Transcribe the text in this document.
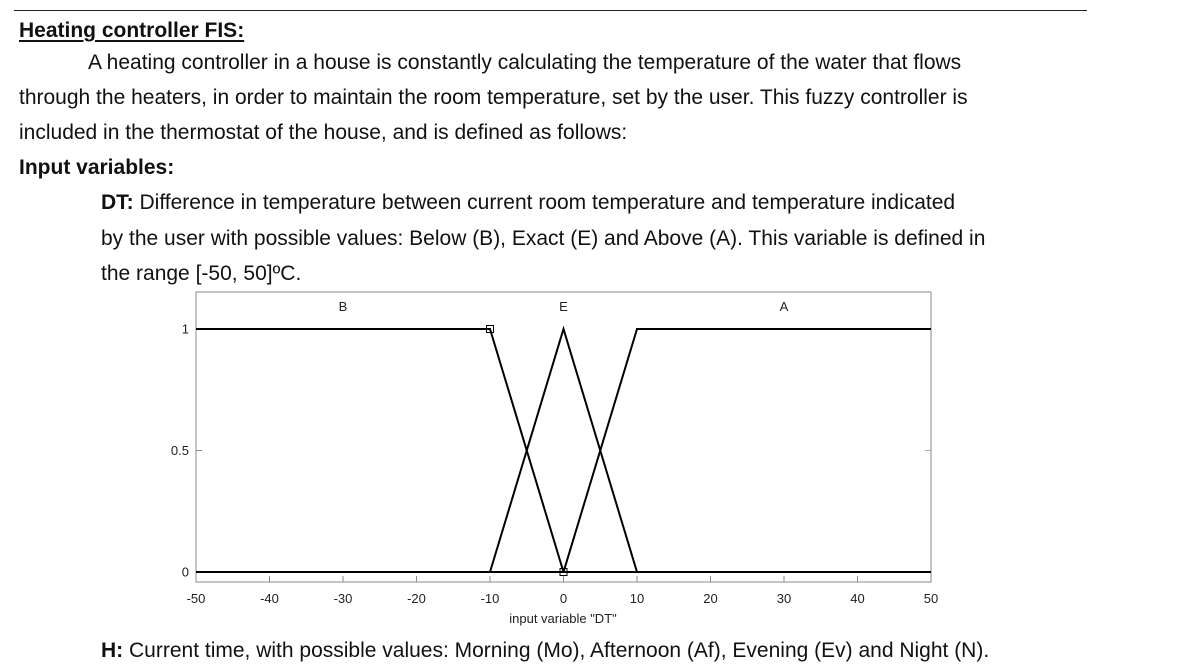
Heating controller FIS:
A heating controller in a house is constantly calculating the temperature of the water that flows
through the heaters, in order to maintain the room temperature, set by the user. This fuzzy controller is
included in the thermostat of the house, and is defined as follows:
Input variables:
DT: Difference in temperature between current room temperature and temperature indicated
by the user with possible values: Below (B), Exact (E) and Above (A). This variable is defined in
the range [-50, 50]ºC.
-50	-40	-30	-20	-10	0	10	20	30	40	50
0
0.5
1
B	E	A
input variable "DT"
H: Current time, with possible values: Morning (Mo), Afternoon (Af), Evening (Ev) and Night (N).
